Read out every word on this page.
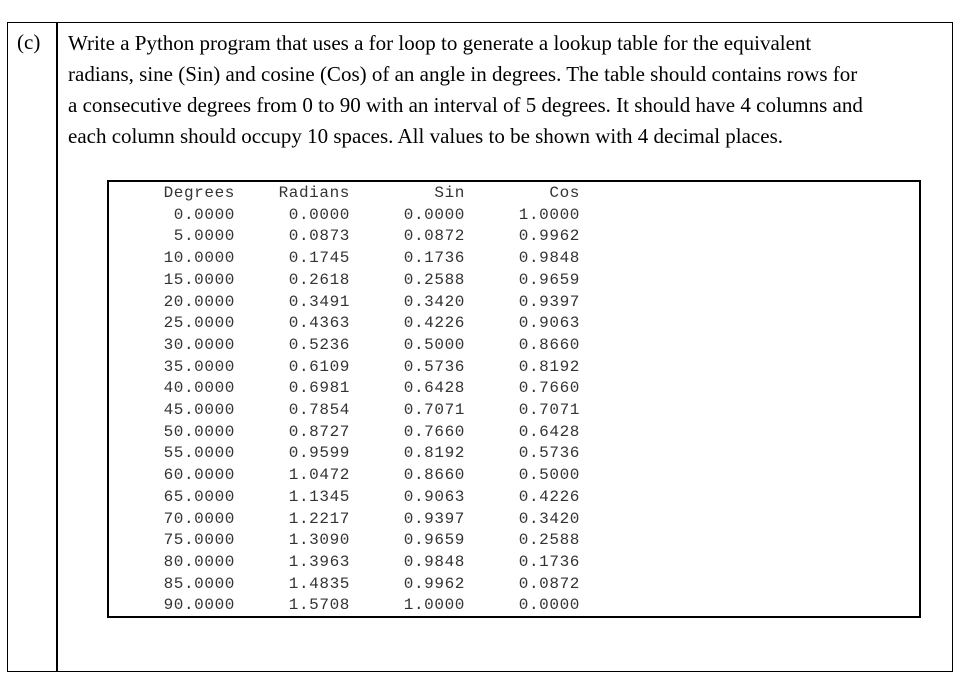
(c) Write a Python program that uses a for loop to generate a lookup table for the equivalent
radians, sine (Sin) and cosine (Cos) of an angle in degrees. The table should contains rows for
a consecutive degrees from 0 to 90 with an interval of 5 degrees. It should have 4 columns and
each column should occupy 10 spaces. All values to be shown with 4 decimal places.
Degrees	Radians	Sin	Cos
0.0000	0.0000	0.0000	1.0000
5.0000	0.0873	0.0872	0.9962
10.0000	0.1745	0.1736	0.9848
15.0000	0.2618	0.2588	0.9659
20.0000	0.3491	0.3420	0.9397
25.0000	0.4363	0.4226	0.9063
30.0000	0.5236	0.5000	0.8660
35.0000	0.6109	0.5736	0.8192
40.0000	0.6981	0.6428	0.7660
45.0000	0.7854	0.7071	0.7071
50.0000	0.8727	0.7660	0.6428
55.0000	0.9599	0.8192	0.5736
60.0000	1.0472	0.8660	0.5000
65.0000	1.1345	0.9063	0.4226
70.0000	1.2217	0.9397	0.3420
75.0000	1.3090	0.9659	0.2588
80.0000	1.3963	0.9848	0.1736
85.0000	1.4835	0.9962	0.0872
90.0000	1.5708	1.0000	0.0000
